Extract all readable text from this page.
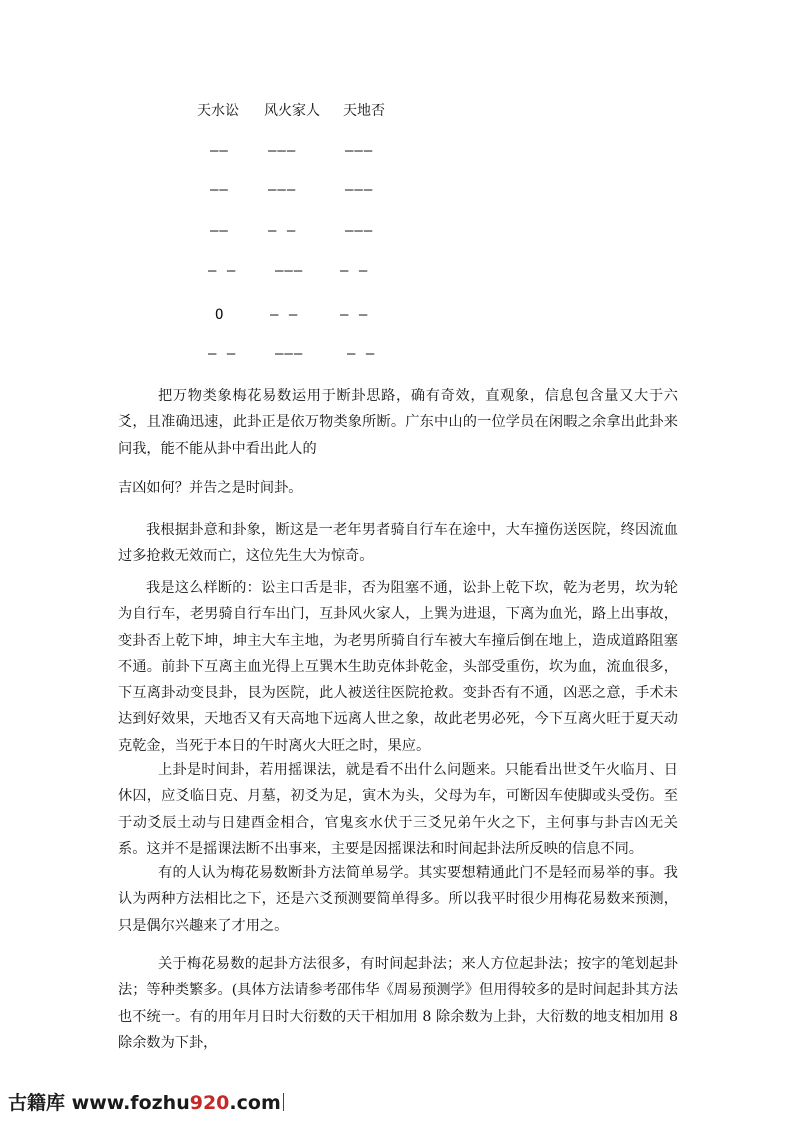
天水讼 风火家人 天地否
——	———	———
——	———	———
——	— —	———
— —	———	— —
O	— —	— —
— —	———	— —

把万物类象梅花易数运用于断卦思路，确有奇效，直观象，信息包含量又大于六爻，且准确迅速，此卦正是依万物类象所断。广东中山的一位学员在闲暇之余拿出此卦来问我，能不能从卦中看出此人的

吉凶如何？并告之是时间卦。

我根据卦意和卦象，断这是一老年男者骑自行车在途中，大车撞伤送医院，终因流血过多抢救无效而亡，这位先生大为惊奇。

我是这么样断的：讼主口舌是非，否为阻塞不通，讼卦上乾下坎，乾为老男，坎为轮为自行车，老男骑自行车出门，互卦风火家人，上巽为进退，下离为血光，路上出事故，变卦否上乾下坤，坤主大车主地，为老男所骑自行车被大车撞后倒在地上，造成道路阻塞不通。前卦下互离主血光得上互巽木生助克体卦乾金，头部受重伤，坎为血，流血很多，下互离卦动变艮卦，艮为医院，此人被送往医院抢救。变卦否有不通，凶恶之意，手术未达到好效果，天地否又有天高地下远离人世之象，故此老男必死，今下互离火旺于夏天动克乾金，当死于本日的午时离火大旺之时，果应。

上卦是时间卦，若用摇课法，就是看不出什么问题来。只能看出世爻午火临月、日休囚，应爻临日克、月墓，初爻为足，寅木为头，父母为车，可断因车使脚或头受伤。至于动爻辰土动与日建酉金相合，官鬼亥水伏于三爻兄弟午火之下，主何事与卦吉凶无关系。这并不是摇课法断不出事来，主要是因摇课法和时间起卦法所反映的信息不同。

有的人认为梅花易数断卦方法简单易学。其实要想精通此门不是轻而易举的事。我认为两种方法相比之下，还是六爻预测要简单得多。所以我平时很少用梅花易数来预测，只是偶尔兴趣来了才用之。

关于梅花易数的起卦方法很多，有时间起卦法；来人方位起卦法；按字的笔划起卦法；等种类繁多。(具体方法请参考邵伟华《周易预测学》但用得较多的是时间起卦其方法也不统一。有的用年月日时大衍数的天干相加用 8 除余数为上卦，大衍数的地支相加用 8 除余数为下卦，

古籍库 www.fozhu920.com
